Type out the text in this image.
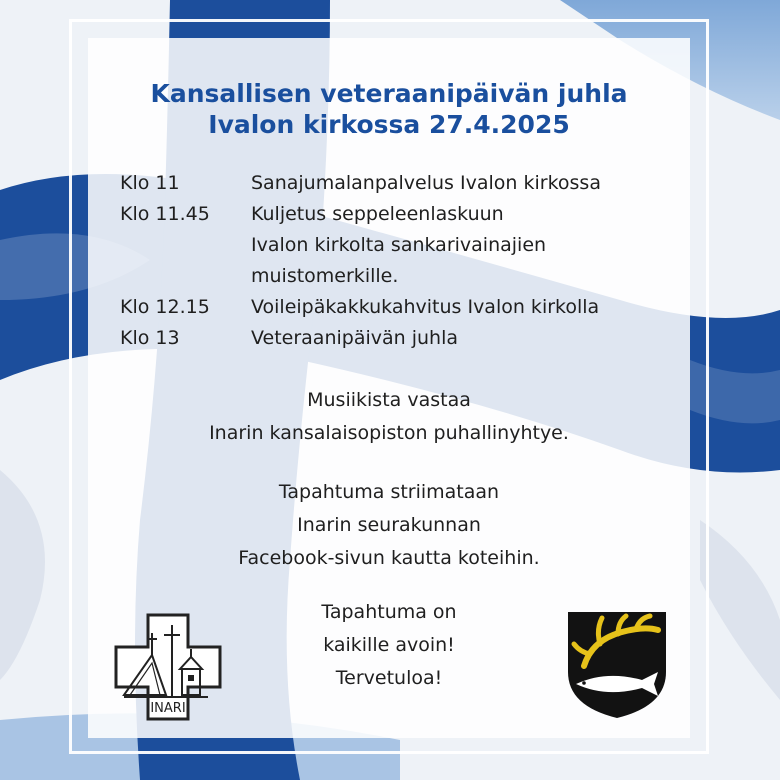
Kansallisen veteraanipäivän juhla
Ivalon kirkossa 27.4.2025
Klo 11	Sanajumalanpalvelus Ivalon kirkossa
Klo 11.45	Kuljetus seppeleenlaskuun
Ivalon kirkolta sankarivainajien
muistomerkille.
Klo 12.15	Voileipäkakkukahvitus Ivalon kirkolla
Klo 13	Veteraanipäivän juhla
Musiikista vastaa
Inarin kansalaisopiston puhallinyhtye.
Tapahtuma striimataan
Inarin seurakunnan
Facebook-sivun kautta koteihin.
Tapahtuma on
kaikille avoin!
Tervetuloa!
INARI
